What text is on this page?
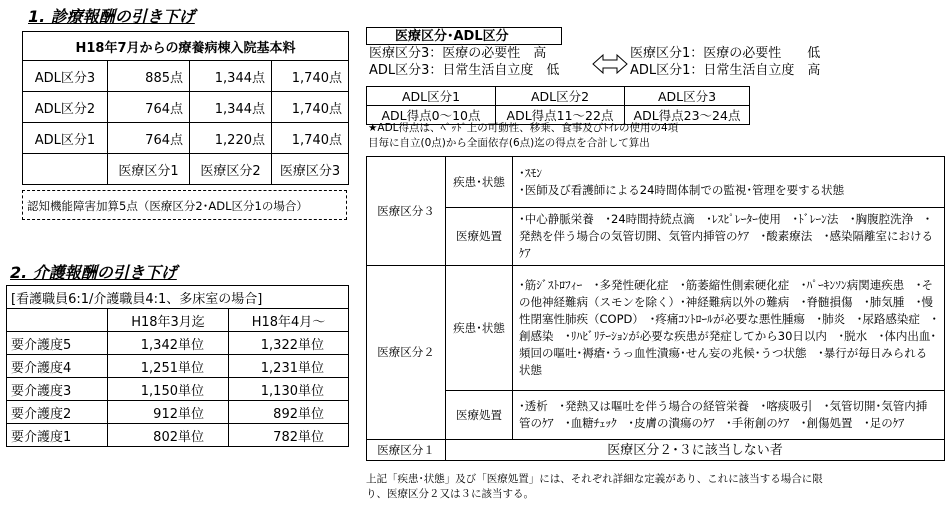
1. 診療報酬の引き下げ
H18年7月からの療養病棟入院基本料			
ADL区分3	885点	1,344点	1,740点
ADL区分2	764点	1,344点	1,740点
ADL区分1	764点	1,220点	1,740点
	医療区分1	医療区分2	医療区分3
認知機能障害加算5点（医療区分2･ADL区分1の場合）
2. 介護報酬の引き下げ
[看護職員6:1/介護職員4:1、多床室の場合]		
	H18年3月迄	H18年4月～
要介護度5	1,342単位	1,322単位
要介護度4	1,251単位	1,231単位
要介護度3	1,150単位	1,130単位
要介護度2	912単位	892単位
要介護度1	802単位	782単位
医療区分･ADL区分
医療区分3：医療の必要性　高
ADL区分3：日常生活自立度　低
医療区分1：医療の必要性　　低
ADL区分1：日常生活自立度　高
ADL区分1	ADL区分2	ADL区分3
ADL得点0～10点	ADL得点11～22点	ADL得点23～24点
★ADL得点は、ﾍﾞｯﾄﾞ上の可動性、移乗、食事及びﾄｲﾚの使用の4項
目毎に自立(0点)から全面依存(6点)迄の得点を合計して算出
医療区分３	疾患･状態	･ｽﾓﾝ
･医師及び看護師による24時間体制での監視･管理を要する状態
	医療処置	･中心静脈栄養　･24時間持続点滴　･ﾚｽﾋﾟﾚｰﾀｰ使用　･ﾄﾞﾚｰﾝ法　･胸腹腔洗浄　･発熱を伴う場合の気管切開、気管内挿管のｹｱ　･酸素療法　･感染隔離室におけるｹｱ
医療区分２	疾患･状態	･筋ｼﾞｽﾄﾛﾌｨｰ　･多発性硬化症　･筋萎縮性側索硬化症　･ﾊﾟｰｷﾝｿﾝ病関連疾患　･その他神経難病（スモンを除く）･神経難病以外の難病　･脊髄損傷　･肺気腫　･慢性閉塞性肺疾（COPD）　･疼痛ｺﾝﾄﾛｰﾙが必要な悪性腫瘍　･肺炎　･尿路感染症　･創感染　･ﾘﾊﾋﾞﾘﾃｰｼｮﾝが必要な疾患が発症してから30日以内　･脱水　･体内出血･頻回の嘔吐･褥瘡･うっ血性潰瘍･せん妄の兆候･うつ状態　･暴行が毎日みられる状態
	医療処置	･透析　･発熱又は嘔吐を伴う場合の経管栄養　･喀痰吸引　･気管切開･気管内挿管のｹｱ　･血糖ﾁｪｯｸ　･皮膚の潰瘍のｹｱ　･手術創のｹｱ　･創傷処置　･足のｹｱ
医療区分１	医療区分２･３に該当しない者	
上記「疾患･状態」及び「医療処置」には、それぞれ詳細な定義があり、これに該当する場合に限
り、医療区分２又は３に該当する。
